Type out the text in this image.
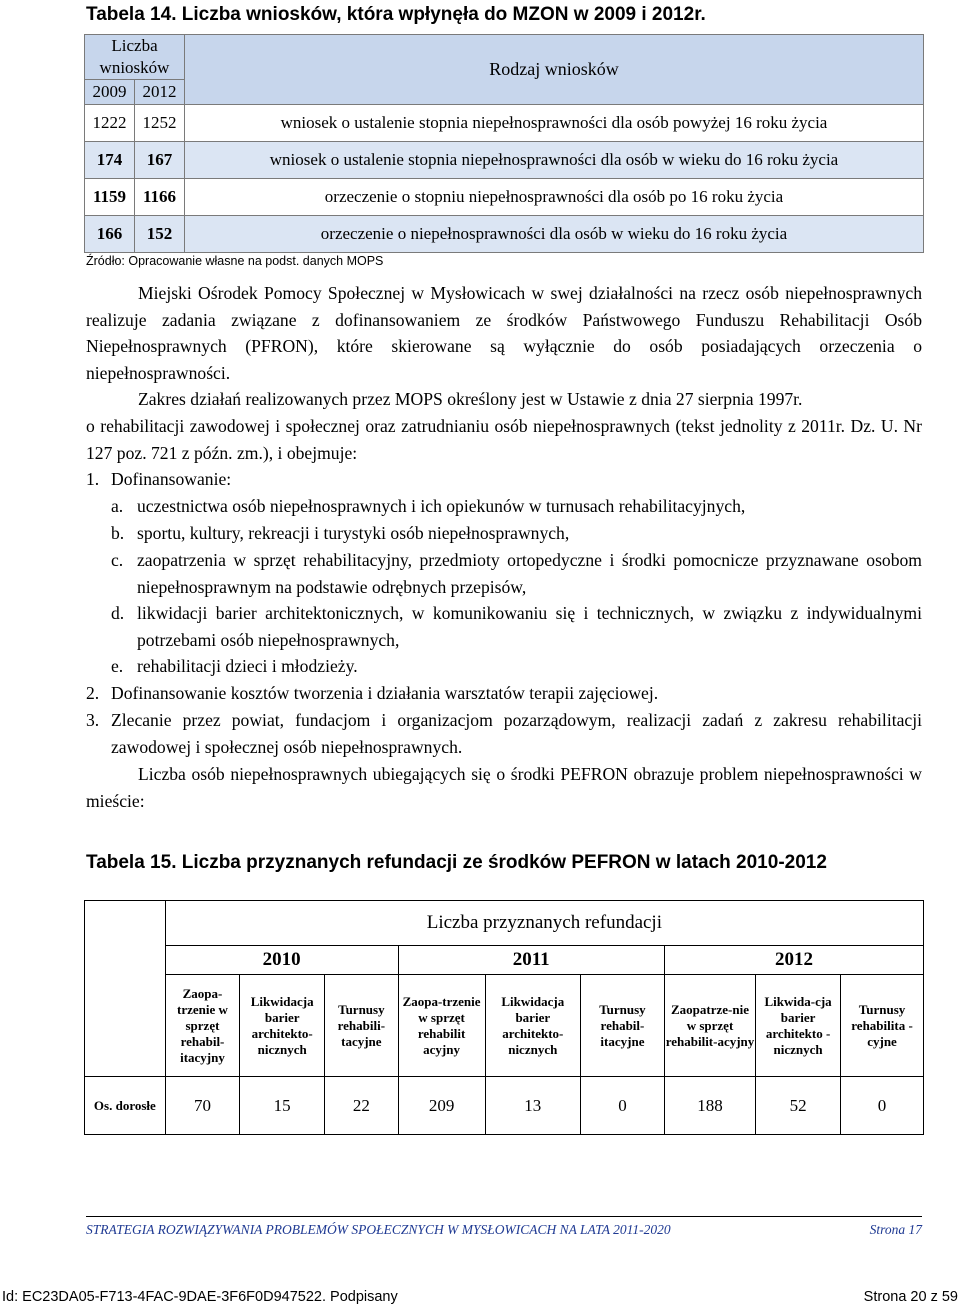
Tabela 14. Liczba wniosków, która wpłynęła do MZON w 2009 i 2012r.
Liczba
wniosków		Rodzaj wniosków
2009	2012	
1222	1252	wniosek o ustalenie stopnia niepełnosprawności dla osób powyżej 16 roku życia
174	167	wniosek o ustalenie stopnia niepełnosprawności dla osób w wieku do 16 roku życia
1159	1166	orzeczenie o stopniu niepełnosprawności dla osób po 16 roku życia
166	152	orzeczenie o niepełnosprawności dla osób w wieku do 16 roku życia
Źródło: Opracowanie własne na podst. danych MOPS
Miejski Ośrodek Pomocy Społecznej w Mysłowicach w swej działalności na rzecz osób niepełnosprawnych realizuje zadania związane z dofinansowaniem ze środków Państwowego Funduszu Rehabilitacji Osób Niepełnosprawnych (PFRON), które skierowane są wyłącznie do osób posiadających orzeczenia o niepełnosprawności.
Zakres działań realizowanych przez MOPS określony jest w Ustawie z dnia 27 sierpnia 1997r.
o rehabilitacji zawodowej i społecznej oraz zatrudnianiu osób niepełnosprawnych (tekst jednolity z 2011r. Dz. U. Nr 127 poz. 721 z późn. zm.), i obejmuje:
1. Dofinansowanie:
a. uczestnictwa osób niepełnosprawnych i ich opiekunów w turnusach rehabilitacyjnych,
b. sportu, kultury, rekreacji i turystyki osób niepełnosprawnych,
c. zaopatrzenia w sprzęt rehabilitacyjny, przedmioty ortopedyczne i środki pomocnicze przyznawane osobom niepełnosprawnym na podstawie odrębnych przepisów,
d. likwidacji barier architektonicznych, w komunikowaniu się i technicznych, w związku z indywidualnymi potrzebami osób niepełnosprawnych,
e. rehabilitacji dzieci i młodzieży.
2. Dofinansowanie kosztów tworzenia i działania warsztatów terapii zajęciowej.
3. Zlecanie przez powiat, fundacjom i organizacjom pozarządowym, realizacji zadań z zakresu rehabilitacji zawodowej i społecznej osób niepełnosprawnych.
Liczba osób niepełnosprawnych ubiegających się o środki PEFRON obrazuje problem niepełnosprawności w mieście:
Tabela 15. Liczba przyznanych refundacji ze środków PEFRON w latach 2010-2012
	Liczba przyznanych refundacji								
	2010			2011			2012		
	Zaopa-trzenie w sprzęt rehabil-itacyjny	Likwidacja barier architekto-nicznych	Turnusy rehabili-tacyjne	Zaopa-trzenie w sprzęt rehabilit acyjny	Likwidacja barier architekto-nicznych	Turnusy rehabil-itacyjne	Zaopatrze-nie w sprzęt rehabilit-acyjny	Likwida-cja barier architekto -nicznych	Turnusy rehabilita -cyjne
Os. dorosłe	70	15	22	209	13	0	188	52	0
STRATEGIA ROZWIĄZYWANIA PROBLEMÓW SPOŁECZNYCH W MYSŁOWICACH NA LATA 2011-2020	Strona 17
Id: EC23DA05-F713-4FAC-9DAE-3F6F0D947522. Podpisany	Strona 20 z 59
